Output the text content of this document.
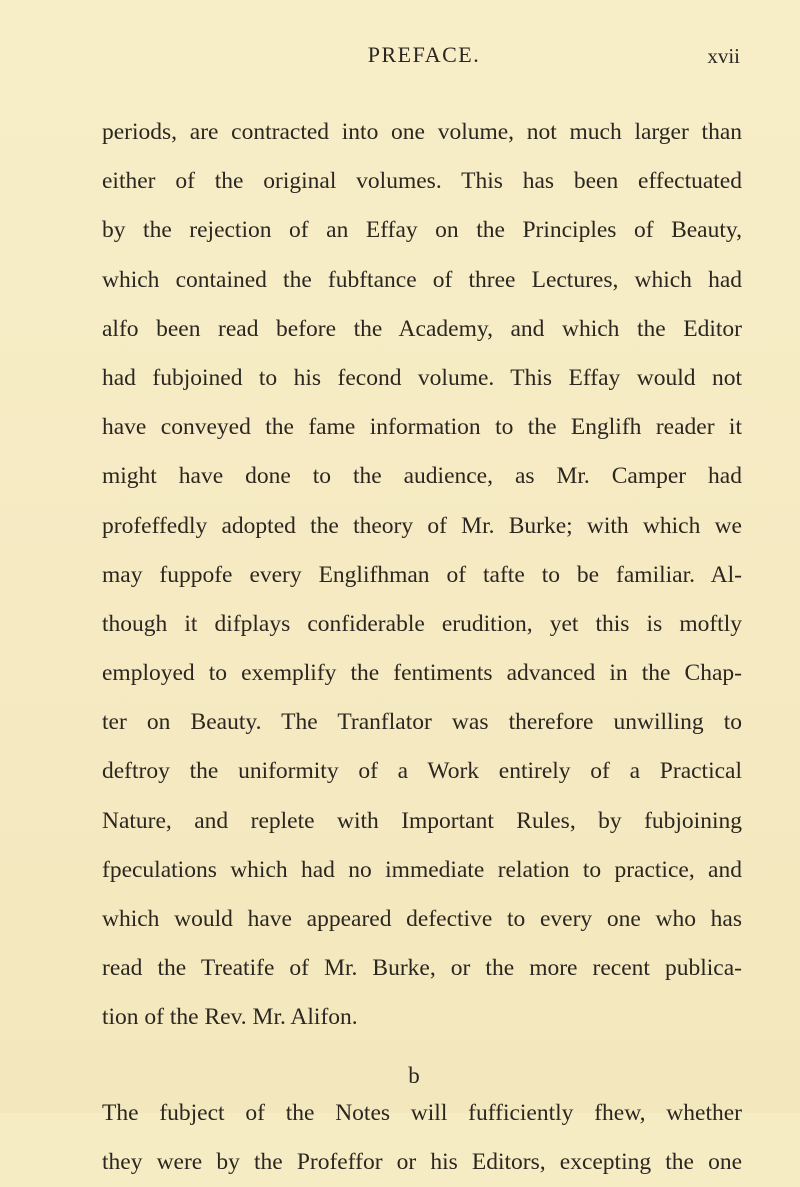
PREFACE.	xvii
periods, are contracted into one volume, not much larger than
either of the original volumes. This has been effectuated
by the rejection of an Effay on the Principles of Beauty,
which contained the fubftance of three Lectures, which had
alfo been read before the Academy, and which the Editor
had fubjoined to his fecond volume. This Effay would not
have conveyed the fame information to the Englifh reader it
might have done to the audience, as Mr. Camper had
profeffedly adopted the theory of Mr. Burke; with which we
may fuppofe every Englifhman of tafte to be familiar. Al-
though it difplays confiderable erudition, yet this is moftly
employed to exemplify the fentiments advanced in the Chap-
ter on Beauty. The Tranflator was therefore unwilling to
deftroy the uniformity of a Work entirely of a Practical
Nature, and replete with Important Rules, by fubjoining
fpeculations which had no immediate relation to practice, and
which would have appeared defective to every one who has
read the Treatife of Mr. Burke, or the more recent publica-
tion of the Rev. Mr. Alifon.
The fubject of the Notes will fufficiently fhew, whether
they were by the Profeffor or his Editors, excepting the one
b
